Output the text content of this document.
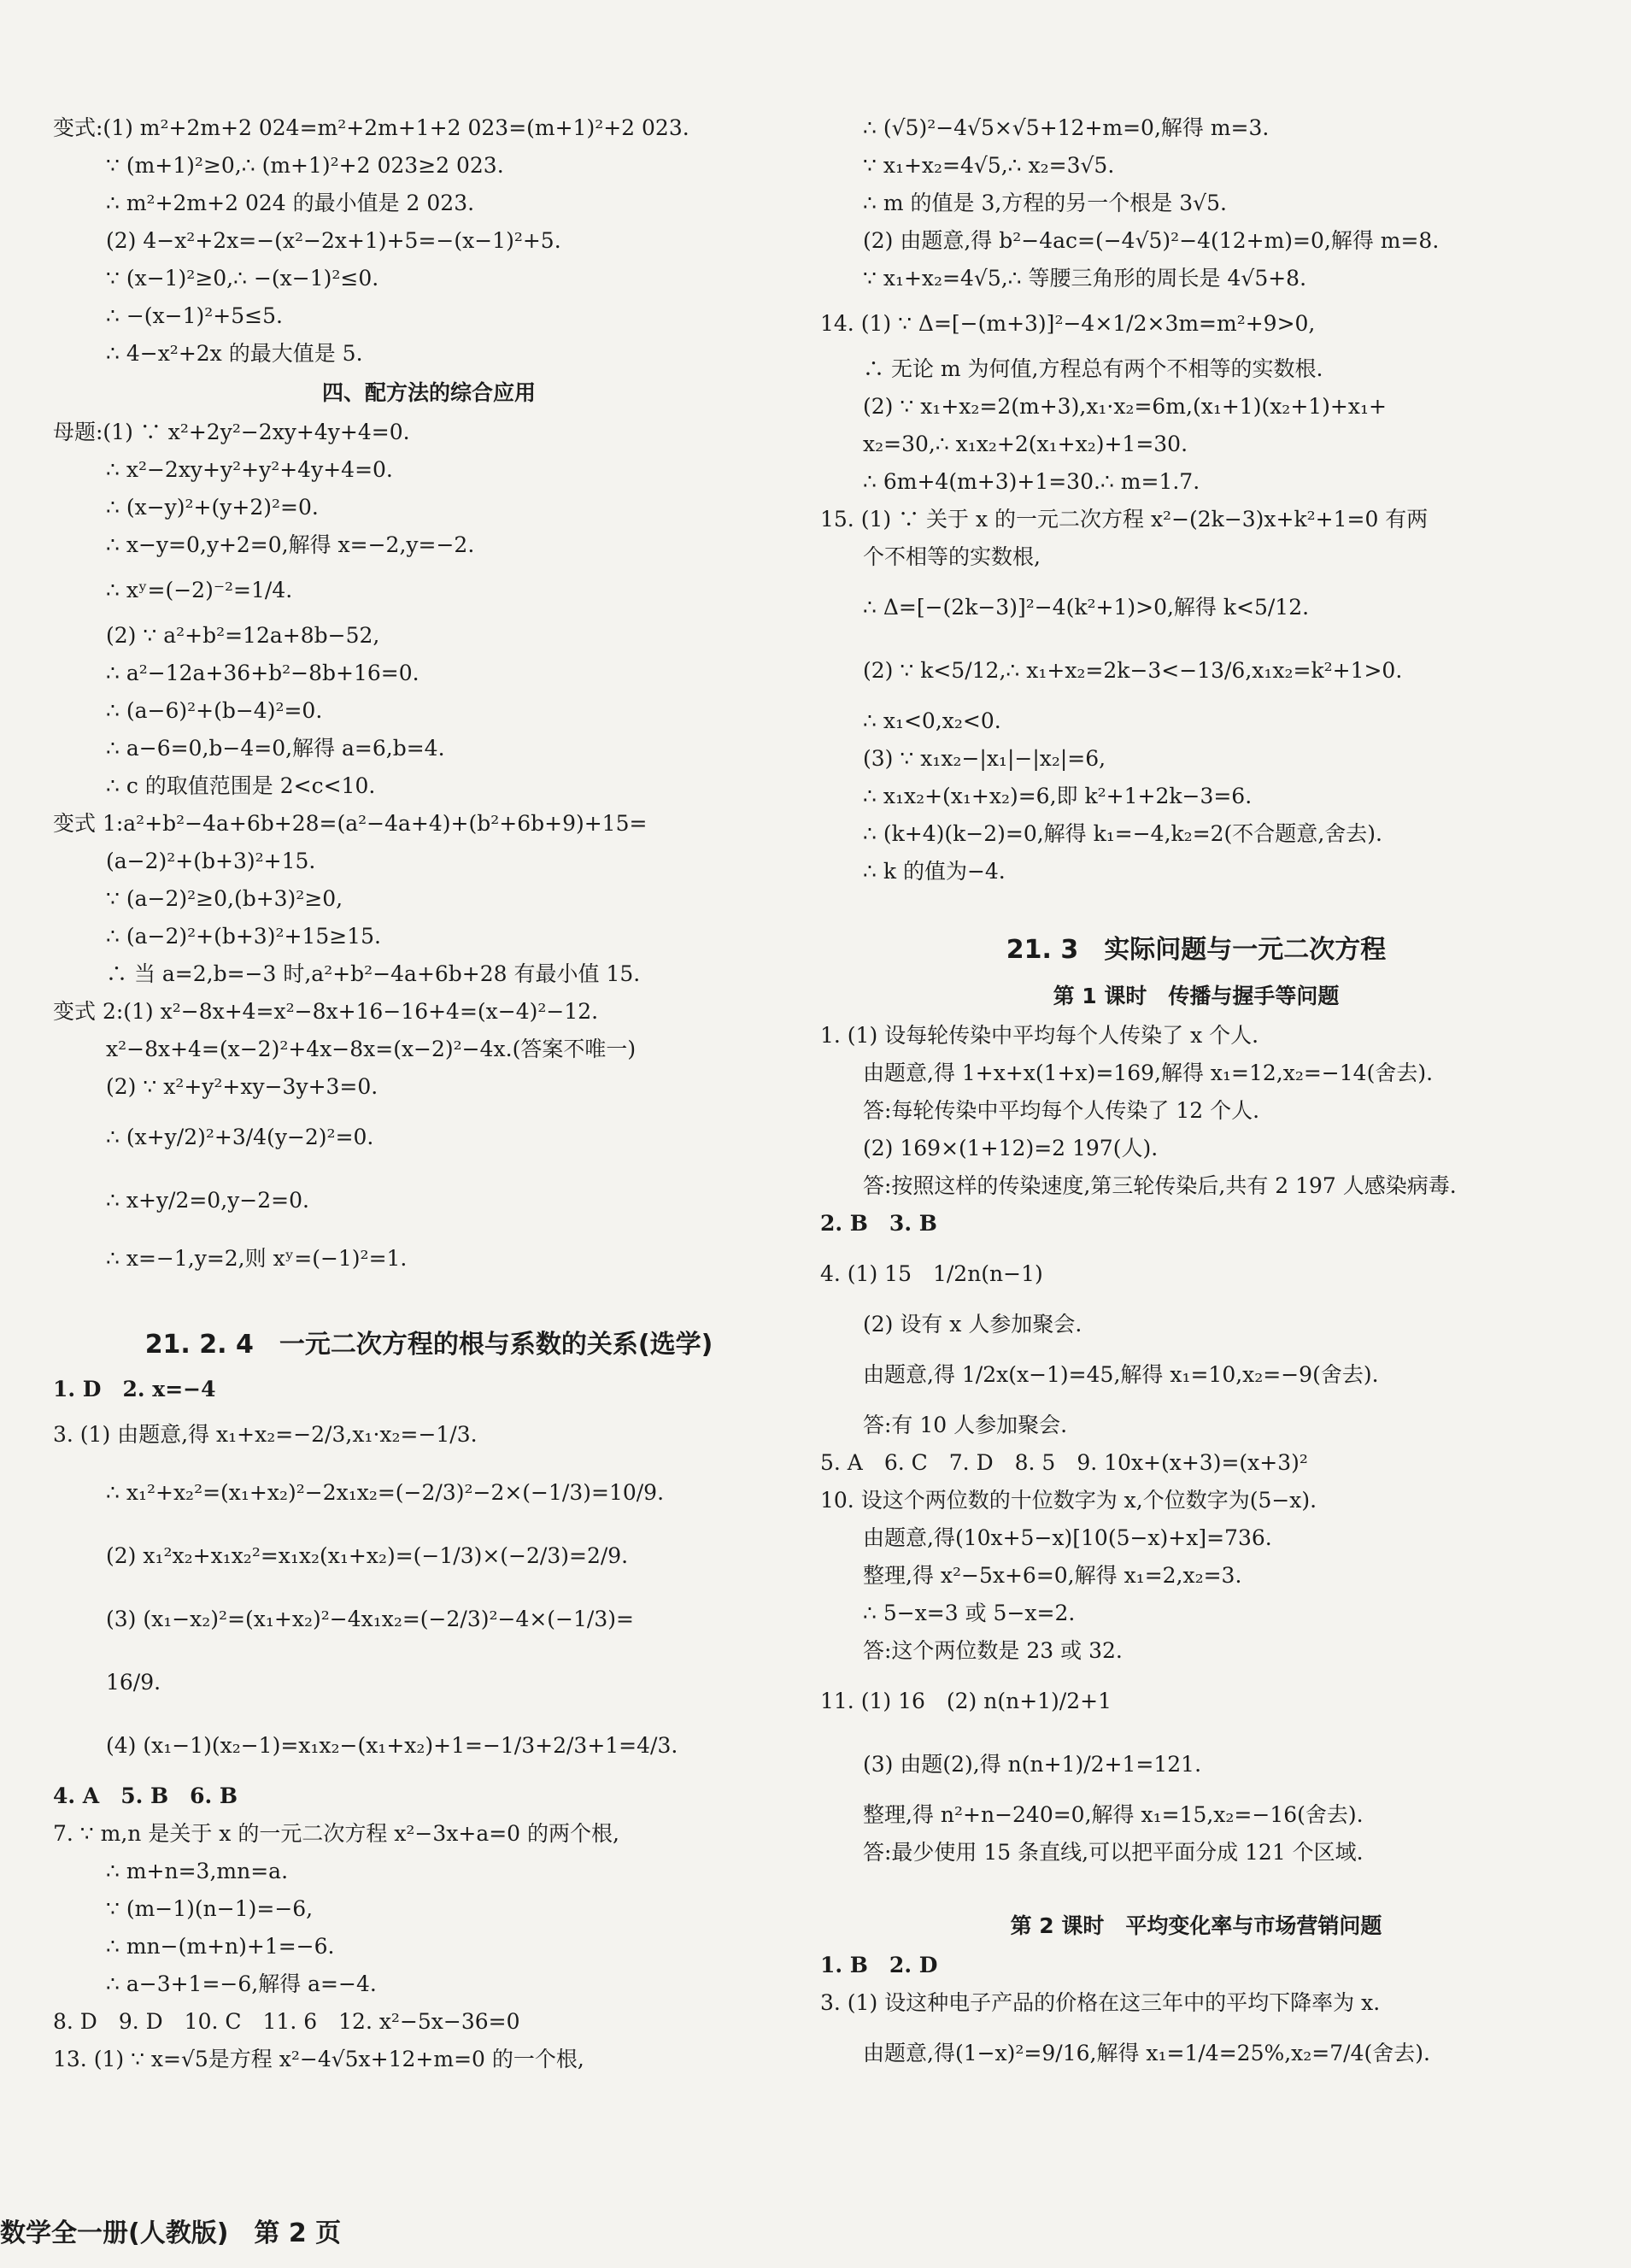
变式:(1) m²+2m+2 024=m²+2m+1+2 023=(m+1)²+2 023.
∵ (m+1)²≥0,∴ (m+1)²+2 023≥2 023.
∴ m²+2m+2 024 的最小值是 2 023.
(2) 4−x²+2x=−(x²−2x+1)+5=−(x−1)²+5.
∵ (x−1)²≥0,∴ −(x−1)²≤0.
∴ −(x−1)²+5≤5.
∴ 4−x²+2x 的最大值是 5.
四、配方法的综合应用
母题:(1) ∵ x²+2y²−2xy+4y+4=0.
∴ x²−2xy+y²+y²+4y+4=0.
∴ (x−y)²+(y+2)²=0.
∴ x−y=0,y+2=0,解得 x=−2,y=−2.
∴ xʸ=(−2)⁻²=1/4.
(2) ∵ a²+b²=12a+8b−52,
∴ a²−12a+36+b²−8b+16=0.
∴ (a−6)²+(b−4)²=0.
∴ a−6=0,b−4=0,解得 a=6,b=4.
∴ c 的取值范围是 2<c<10.
变式 1:a²+b²−4a+6b+28=(a²−4a+4)+(b²+6b+9)+15=
(a−2)²+(b+3)²+15.
∵ (a−2)²≥0,(b+3)²≥0,
∴ (a−2)²+(b+3)²+15≥15.
∴ 当 a=2,b=−3 时,a²+b²−4a+6b+28 有最小值 15.
变式 2:(1) x²−8x+4=x²−8x+16−16+4=(x−4)²−12.
x²−8x+4=(x−2)²+4x−8x=(x−2)²−4x.(答案不唯一)
(2) ∵ x²+y²+xy−3y+3=0.
∴ (x+y/2)²+3/4(y−2)²=0.
∴ x+y/2=0,y−2=0.
∴ x=−1,y=2,则 xʸ=(−1)²=1.
21. 2. 4　一元二次方程的根与系数的关系(选学)
1. D　2. x=−4
3. (1) 由题意,得 x₁+x₂=−2/3,x₁·x₂=−1/3.
∴ x₁²+x₂²=(x₁+x₂)²−2x₁x₂=(−2/3)²−2×(−1/3)=10/9.
(2) x₁²x₂+x₁x₂²=x₁x₂(x₁+x₂)=(−1/3)×(−2/3)=2/9.
(3) (x₁−x₂)²=(x₁+x₂)²−4x₁x₂=(−2/3)²−4×(−1/3)=
16/9.
(4) (x₁−1)(x₂−1)=x₁x₂−(x₁+x₂)+1=−1/3+2/3+1=4/3.
4. A　5. B　6. B
7. ∵ m,n 是关于 x 的一元二次方程 x²−3x+a=0 的两个根,
∴ m+n=3,mn=a.
∵ (m−1)(n−1)=−6,
∴ mn−(m+n)+1=−6.
∴ a−3+1=−6,解得 a=−4.
8. D　9. D　10. C　11. 6　12. x²−5x−36=0
13. (1) ∵ x=√5是方程 x²−4√5x+12+m=0 的一个根,
∴ (√5)²−4√5×√5+12+m=0,解得 m=3.
∵ x₁+x₂=4√5,∴ x₂=3√5.
∴ m 的值是 3,方程的另一个根是 3√5.
(2) 由题意,得 b²−4ac=(−4√5)²−4(12+m)=0,解得 m=8.
∵ x₁+x₂=4√5,∴ 等腰三角形的周长是 4√5+8.
14. (1) ∵ Δ=[−(m+3)]²−4×1/2×3m=m²+9>0,
∴ 无论 m 为何值,方程总有两个不相等的实数根.
(2) ∵ x₁+x₂=2(m+3),x₁·x₂=6m,(x₁+1)(x₂+1)+x₁+
x₂=30,∴ x₁x₂+2(x₁+x₂)+1=30.
∴ 6m+4(m+3)+1=30.∴ m=1.7.
15. (1) ∵ 关于 x 的一元二次方程 x²−(2k−3)x+k²+1=0 有两
个不相等的实数根,
∴ Δ=[−(2k−3)]²−4(k²+1)>0,解得 k<5/12.
(2) ∵ k<5/12,∴ x₁+x₂=2k−3<−13/6,x₁x₂=k²+1>0.
∴ x₁<0,x₂<0.
(3) ∵ x₁x₂−|x₁|−|x₂|=6,
∴ x₁x₂+(x₁+x₂)=6,即 k²+1+2k−3=6.
∴ (k+4)(k−2)=0,解得 k₁=−4,k₂=2(不合题意,舍去).
∴ k 的值为−4.
21. 3　实际问题与一元二次方程
第 1 课时　传播与握手等问题
1. (1) 设每轮传染中平均每个人传染了 x 个人.
由题意,得 1+x+x(1+x)=169,解得 x₁=12,x₂=−14(舍去).
答:每轮传染中平均每个人传染了 12 个人.
(2) 169×(1+12)=2 197(人).
答:按照这样的传染速度,第三轮传染后,共有 2 197 人感染病毒.
2. B　3. B
4. (1) 15　1/2n(n−1)
(2) 设有 x 人参加聚会.
由题意,得 1/2x(x−1)=45,解得 x₁=10,x₂=−9(舍去).
答:有 10 人参加聚会.
5. A　6. C　7. D　8. 5　9. 10x+(x+3)=(x+3)²
10. 设这个两位数的十位数字为 x,个位数字为(5−x).
由题意,得(10x+5−x)[10(5−x)+x]=736.
整理,得 x²−5x+6=0,解得 x₁=2,x₂=3.
∴ 5−x=3 或 5−x=2.
答:这个两位数是 23 或 32.
11. (1) 16　(2) n(n+1)/2+1
(3) 由题(2),得 n(n+1)/2+1=121.
整理,得 n²+n−240=0,解得 x₁=15,x₂=−16(舍去).
答:最少使用 15 条直线,可以把平面分成 121 个区域.
第 2 课时　平均变化率与市场营销问题
1. B　2. D
3. (1) 设这种电子产品的价格在这三年中的平均下降率为 x.
由题意,得(1−x)²=9/16,解得 x₁=1/4=25%,x₂=7/4(舍去).
数学全一册(人教版)　第 2 页
